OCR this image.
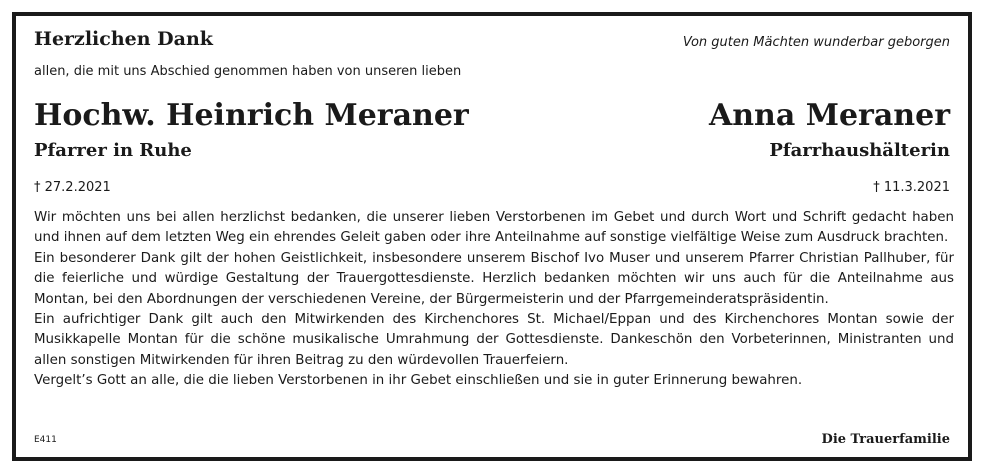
Herzlichen Dank	Von guten Mächten wunderbar geborgen
allen, die mit uns Abschied genommen haben von unseren lieben
Hochw. Heinrich Meraner
Pfarrer in Ruhe
† 27.2.2021
Anna Meraner
Pfarrhaushälterin
† 11.3.2021

Wir möchten uns bei allen herzlichst bedanken, die unserer lieben Verstorbenen im Gebet und durch Wort und Schrift gedacht haben und ihnen auf dem letzten Weg ein ehrendes Geleit gaben oder ihre Anteilnahme auf sonstige vielfältige Weise zum Ausdruck brachten.

Ein besonderer Dank gilt der hohen Geistlichkeit, insbesondere unserem Bischof Ivo Muser und unserem Pfarrer Christian Pallhuber, für die feierliche und würdige Gestaltung der Trauergottesdienste. Herzlich bedanken möchten wir uns auch für die Anteilnahme aus Montan, bei den Abordnungen der verschiedenen Vereine, der Bürgermeisterin und der Pfarrgemeinderatspräsidentin.

Ein aufrichtiger Dank gilt auch den Mitwirkenden des Kirchenchores St. Michael/Eppan und des Kirchenchores Montan sowie der Musikkapelle Montan für die schöne musikalische Umrahmung der Gottesdienste. Dankeschön den Vorbeterinnen, Ministranten und allen sonstigen Mitwirkenden für ihren Beitrag zu den würdevollen Trauerfeiern.

Vergelt’s Gott an alle, die die lieben Verstorbenen in ihr Gebet einschließen und sie in guter Erinnerung bewahren.

E411	Die Trauerfamilie
